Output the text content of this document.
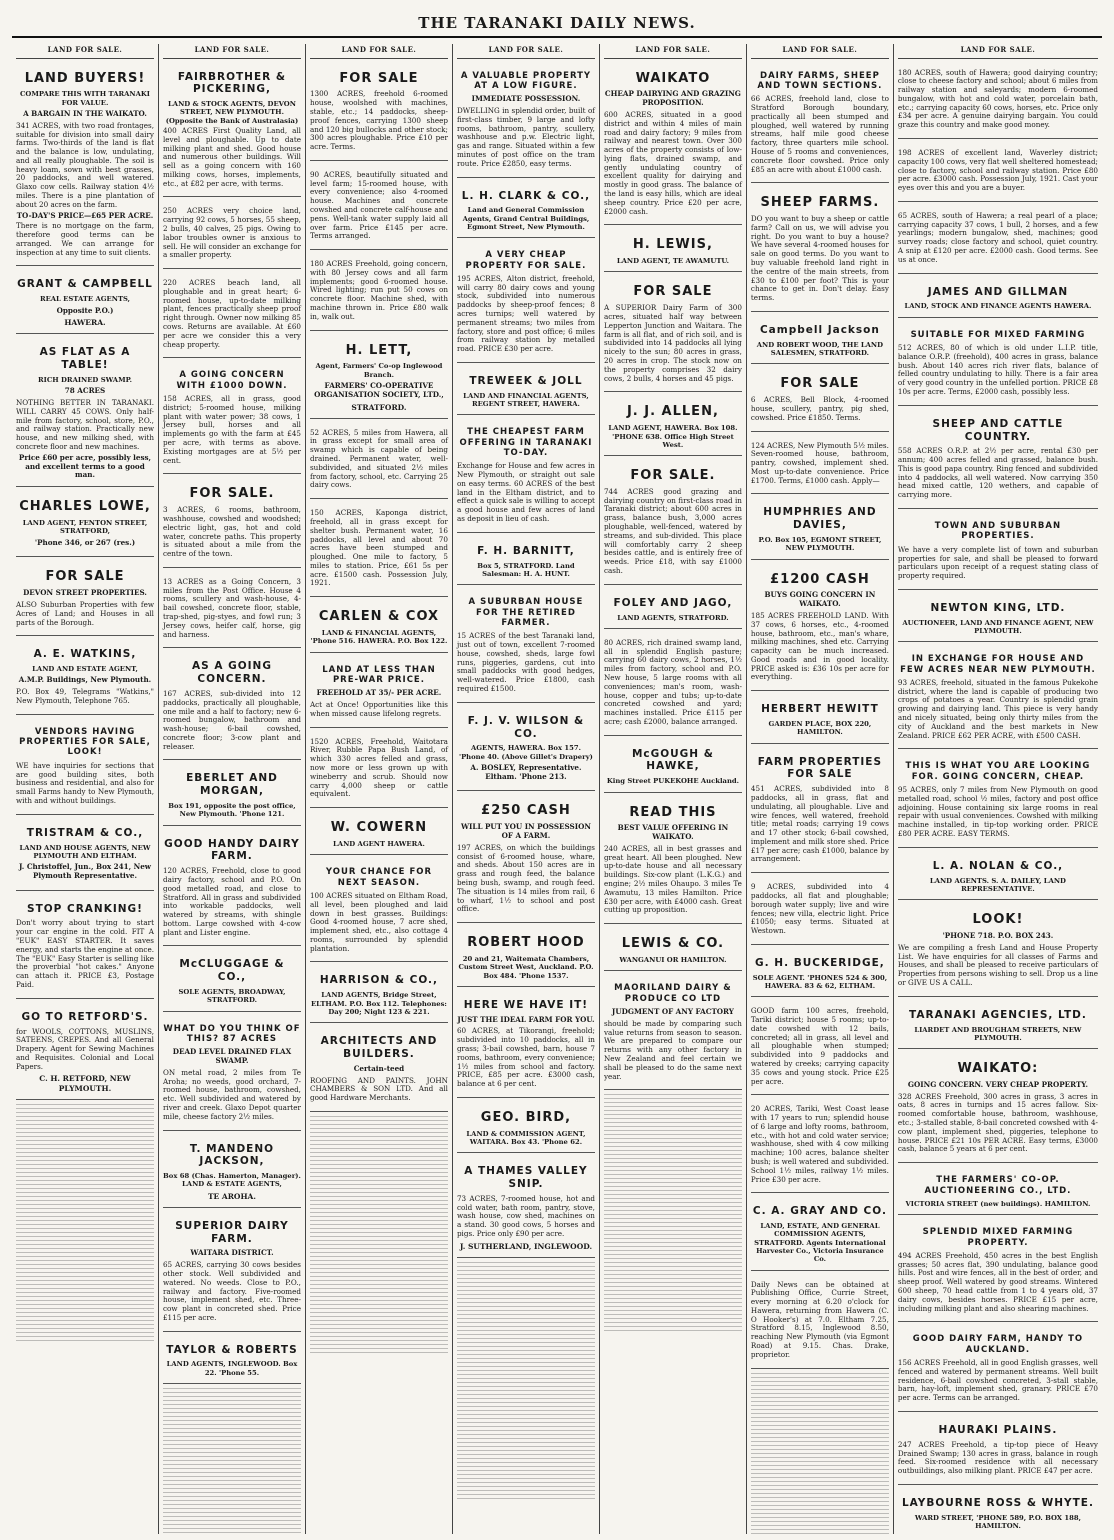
THE TARANAKI DAILY NEWS.
LAND FOR SALE.
LAND BUYERS!
COMPARE THIS WITH TARANAKI FOR VALUE.
A BARGAIN IN THE WAIKATO.

341 ACRES, with two road frontages, suitable for division into small dairy farms. Two-thirds of the land is flat and the balance is low, undulating, and all really ploughable. The soil is heavy loam, sown with best grasses, 20 paddocks, and well watered. Glaxo cow cells. Railway station 4½ miles. There is a pine plantation of about 20 acres on the farm.

TO-DAY'S PRICE—£65 PER ACRE.

There is no mortgage on the farm, therefore good terms can be arranged. We can arrange for inspection at any time to suit clients.

GRANT & CAMPBELL
REAL ESTATE AGENTS,
Opposite P.O.)
HAWERA.
AS FLAT AS A TABLE!
RICH DRAINED SWAMP.
78 ACRES

NOTHING BETTER IN TARANAKI. WILL CARRY 45 COWS. Only half-mile from factory, school, store, P.O., and railway station. Practically new house, and new milking shed, with concrete floor and new machines.

Price £60 per acre, possibly less, and excellent terms to a good man.
CHARLES LOWE,
LAND AGENT, FENTON STREET, STRATFORD,
'Phone 346, or 267 (res.)
FOR SALE
DEVON STREET PROPERTIES.

ALSO Suburban Properties with few Acres of Land; and Houses in all parts of the Borough.

A. E. WATKINS,
LAND AND ESTATE AGENT,
A.M.P. Buildings, New Plymouth.

P.O. Box 49, Telegrams "Watkins," New Plymouth, Telephone 765.

VENDORS HAVING PROPERTIES FOR SALE, LOOK!

WE have inquiries for sections that are good building sites, both business and residential, and also for small Farms handy to New Plymouth, with and without buildings.

TRISTRAM & CO.,
LAND AND HOUSE AGENTS, NEW PLYMOUTH AND ELTHAM.
J. Christoffel, Jun., Box 241, New Plymouth Representative.
STOP CRANKING!

Don't worry about trying to start your car engine in the cold. FIT A "EUK" EASY STARTER. It saves energy, and starts the engine at once. The "EUK" Easy Starter is selling like the proverbial "hot cakes." Anyone can attach it. PRICE £3, Postage Paid.

GO TO RETFORD'S.

for WOOLS, COTTONS, MUSLINS, SATEENS, CREPES. And all General Drapery. Agent for Sewing Machines and Requisites. Colonial and Local Papers.

C. H. RETFORD, NEW PLYMOUTH.
LAND FOR SALE.
FAIRBROTHER & PICKERING,
LAND & STOCK AGENTS, DEVON STREET, NEW PLYMOUTH. (Opposite the Bank of Australasia)

400 ACRES First Quality Land, all level and ploughable. Up to date milking plant and shed. Good house and numerous other buildings. Will sell as a going concern with 160 milking cows, horses, implements, etc., at £82 per acre, with terms.

250 ACRES very choice land, carrying 92 cows, 5 horses, 55 sheep, 2 bulls, 40 calves, 25 pigs. Owing to labor troubles owner is anxious to sell. He will consider an exchange for a smaller property.

220 ACRES beach land, all ploughable and in great heart; 6-roomed house, up-to-date milking plant, fences practically sheep proof right through. Owner now milking 85 cows. Returns are available. At £60 per acre we consider this a very cheap property.

A GOING CONCERN WITH £1000 DOWN.

158 ACRES, all in grass, good district; 5-roomed house, milking plant with water power; 38 cows, 1 Jersey bull, horses and all implements go with the farm at £45 per acre, with terms as above. Existing mortgages are at 5½ per cent.

FOR SALE.

3 ACRES, 6 rooms, bathroom, washhouse, cowshed and woodshed; electric light, gas, hot and cold water, concrete paths. This property is situated about a mile from the centre of the town.

13 ACRES as a Going Concern, 3 miles from the Post Office. House 4 rooms, scullery and wash-house, 4-bail cowshed, concrete floor, stable, trap-shed, pig-styes, and fowl run; 3 Jersey cows, heifer calf, horse, gig and harness.

AS A GOING CONCERN.

167 ACRES, sub-divided into 12 paddocks, practically all ploughable, one mile and a half to factory; new 6-roomed bungalow, bathroom and wash-house; 6-bail cowshed, concrete floor; 3-cow plant and releaser.

EBERLET AND MORGAN,
Box 191, opposite the post office, New Plymouth. 'Phone 121.
GOOD HANDY DAIRY FARM.

120 ACRES, Freehold, close to good dairy factory, school and P.O. On good metalled road, and close to Stratford. All in grass and subdivided into workable paddocks, well watered by streams, with shingle bottom. Large cowshed with 4-cow plant and Lister engine.

McCLUGGAGE & CO.,
SOLE AGENTS, BROADWAY, STRATFORD.
WHAT DO YOU THINK OF THIS? 87 ACRES
DEAD LEVEL DRAINED FLAX SWAMP.

ON metal road, 2 miles from Te Aroha; no weeds, good orchard, 7-roomed house, bathroom, cowshed, etc. Well subdivided and watered by river and creek. Glaxo Depot quarter mile, cheese factory 2½ miles.

T. MANDENO JACKSON,
Box 68 (Chas. Hamerton, Manager). LAND & ESTATE AGENTS,
TE AROHA.
SUPERIOR DAIRY FARM.
WAITARA DISTRICT.

65 ACRES, carrying 30 cows besides other stock. Well subdivided and watered. No weeds. Close to P.O., railway and factory. Five-roomed house, implement shed, etc. Three-cow plant in concreted shed. Price £115 per acre.

TAYLOR & ROBERTS
LAND AGENTS, INGLEWOOD. Box 22. 'Phone 55.
LAND FOR SALE.
FOR SALE

1300 ACRES, freehold 6-roomed house, woolshed with machines, stable, etc.; 14 paddocks, sheep-proof fences, carrying 1300 sheep and 120 big bullocks and other stock; 300 acres ploughable. Price £10 per acre. Terms.

90 ACRES, beautifully situated and level farm; 15-roomed house, with every convenience; also 4-roomed house. Machines and concrete cowshed and concrete calf-house and pens. Well-tank water supply laid all over farm. Price £145 per acre. Terms arranged.

180 ACRES Freehold, going concern, with 80 Jersey cows and all farm implements; good 6-roomed house. Wired lighting; run put 50 cows on concrete floor. Machine shed, with machine thrown in. Price £80 walk in, walk out.

H. LETT,
Agent, Farmers' Co-op Inglewood Branch.
FARMERS' CO-OPERATIVE ORGANISATION SOCIETY, LTD.,
STRATFORD.

52 ACRES, 5 miles from Hawera, all in grass except for small area of swamp which is capable of being drained. Permanent water, well-subdivided, and situated 2½ miles from factory, school, etc. Carrying 25 dairy cows.

150 ACRES, Kaponga district, freehold, all in grass except for shelter bush. Permanent water, 16 paddocks, all level and about 70 acres have been stumped and ploughed. One mile to factory, 5 miles to station. Price, £61 5s per acre. £1500 cash. Possession July, 1921.

CARLEN & COX
LAND & FINANCIAL AGENTS, 'Phone 516. HAWERA. P.O. Box 122.
LAND AT LESS THAN PRE-WAR PRICE.
FREEHOLD AT 35/- PER ACRE.

Act at Once! Opportunities like this when missed cause lifelong regrets.

1520 ACRES, Freehold, Waitotara River, Rubble Papa Bush Land, of which 330 acres felled and grass, now more or less grown up with wineberry and scrub. Should now carry 4,000 sheep or cattle equivalent.

W. COWERN
LAND AGENT HAWERA.
YOUR CHANCE FOR NEXT SEASON.

100 ACRES situated on Eltham Road, all level, been ploughed and laid down in best grasses. Buildings: Good 4-roomed house, 7 acre shed, implement shed, etc., also cottage 4 rooms, surrounded by splendid plantation.

HARRISON & CO.,
LAND AGENTS, Bridge Street, ELTHAM. P.O. Box 112. Telephones: Day 200; Night 123 & 221.
ARCHITECTS AND BUILDERS.
Certain-teed

ROOFING AND PAINTS. JOHN CHAMBERS & SON LTD. And all good Hardware Merchants.

LAND FOR SALE.
A VALUABLE PROPERTY AT A LOW FIGURE.
IMMEDIATE POSSESSION.

DWELLING in splendid order, built of first-class timber, 9 large and lofty rooms, bathroom, pantry, scullery, washhouse and p.w. Electric light, gas and range. Situated within a few minutes of post office on the tram route. Price £2850, easy terms.

L. H. CLARK & CO.,
Land and General Commission Agents, Grand Central Buildings, Egmont Street, New Plymouth.
A VERY CHEAP PROPERTY FOR SALE.

195 ACRES, Alton district, freehold, will carry 80 dairy cows and young stock, subdivided into numerous paddocks by sheep-proof fences; 8 acres turnips; well watered by permanent streams; two miles from factory, store and post office; 6 miles from railway station by metalled road. PRICE £30 per acre.

TREWEEK & JOLL
LAND AND FINANCIAL AGENTS, REGENT STREET, HAWERA.
THE CHEAPEST FARM OFFERING IN TARANAKI TO-DAY.

Exchange for House and few acres in New Plymouth, or straight out sale on easy terms. 60 ACRES of the best land in the Eltham district, and to effect a quick sale is willing to accept a good house and few acres of land as deposit in lieu of cash.

F. H. BARNITT,
Box 5, STRATFORD. Land Salesman: H. A. HUNT.
A SUBURBAN HOUSE FOR THE RETIRED FARMER.

15 ACRES of the best Taranaki land, just out of town, excellent 7-roomed house, cowshed, sheds, large fowl runs, piggeries, gardens, cut into small paddocks with good hedges, well-watered. Price £1800, cash required £1500.

F. J. V. WILSON & CO.
AGENTS, HAWERA. Box 157. 'Phone 40. (Above Gillet's Drapery)
A. BOSLEY, Representative. Eltham. 'Phone 213.
£250 CASH
WILL PUT YOU IN POSSESSION OF A FARM.

197 ACRES, on which the buildings consist of 6-roomed house, whare, and sheds. About 150 acres are in grass and rough feed, the balance being bush, swamp, and rough feed. The situation is 14 miles from rail, 6 to wharf, 1½ to school and post office.

ROBERT HOOD
20 and 21, Waitemata Chambers, Custom Street West, Auckland. P.O. Box 484. 'Phone 1537.
HERE WE HAVE IT!
JUST THE IDEAL FARM FOR YOU.

60 ACRES, at Tikorangi, freehold; subdivided into 10 paddocks, all in grass; 3-bail cowshed, barn, house 7 rooms, bathroom, every convenience; 1½ miles from school and factory. PRICE, £85 per acre. £3000 cash, balance at 6 per cent.

GEO. BIRD,
LAND & COMMISSION AGENT, WAITARA. Box 43. 'Phone 62.
A THAMES VALLEY SNIP.

73 ACRES, 7-roomed house, hot and cold water, bath room, pantry, stove, wash house, cow shed, machines on a stand. 30 good cows, 5 horses and pigs. Price only £90 per acre.

J. SUTHERLAND, INGLEWOOD.
LAND FOR SALE.
WAIKATO
CHEAP DAIRYING AND GRAZING PROPOSITION.

600 ACRES, situated in a good district and within 4 miles of main road and dairy factory; 9 miles from railway and nearest town. Over 300 acres of the property consists of low-lying flats, drained swamp, and gently undulating country of excellent quality for dairying and mostly in good grass. The balance of the land is easy hills, which are ideal sheep country. Price £20 per acre, £2000 cash.

H. LEWIS,
LAND AGENT, TE AWAMUTU.
FOR SALE

A SUPERIOR Dairy Farm of 300 acres, situated half way between Lepperton Junction and Waitara. The farm is all flat, and of rich soil, and is subdivided into 14 paddocks all lying nicely to the sun; 80 acres in grass, 20 acres in crop. The stock now on the property comprises 32 dairy cows, 2 bulls, 4 horses and 45 pigs.

J. J. ALLEN,
LAND AGENT, HAWERA. Box 108. 'PHONE 638. Office High Street West.
FOR SALE.

744 ACRES good grazing and dairying country on first-class road in Taranaki district; about 600 acres in grass, balance bush, 3,000 acres ploughable, well-fenced, watered by streams, and sub-divided. This place will comfortably carry 2 sheep besides cattle, and is entirely free of weeds. Price £18, with say £1000 cash.

FOLEY AND JAGO,
LAND AGENTS, STRATFORD.

80 ACRES, rich drained swamp land, all in splendid English pasture; carrying 60 dairy cows, 2 horses, 1½ miles from factory, school and P.O. New house, 5 large rooms with all conveniences; man's room, wash-house, copper and tubs; up-to-date concreted cowshed and yard; machines installed. Price £115 per acre; cash £2000, balance arranged.

McGOUGH & HAWKE,
King Street PUKEKOHE Auckland.
READ THIS
BEST VALUE OFFERING IN WAIKATO.

240 ACRES, all in best grasses and great heart. All been ploughed. New up-to-date house and all necessary buildings. Six-cow plant (L.K.G.) and engine; 2½ miles Ohaupo. 3 miles Te Awamutu, 13 miles Hamilton. Price £30 per acre, with £4000 cash. Great cutting up proposition.

LEWIS & CO.
WANGANUI OR HAMILTON.
MAORILAND DAIRY & PRODUCE CO LTD
JUDGMENT OF ANY FACTORY

should be made by comparing such value returns from season to season. We are prepared to compare our returns with any other factory in New Zealand and feel certain we shall be pleased to do the same next year.

LAND FOR SALE.
DAIRY FARMS, SHEEP AND TOWN SECTIONS.

66 ACRES, freehold land, close to Stratford Borough boundary, practically all been stumped and ploughed, well watered by running streams, half mile good cheese factory, three quarters mile school. House of 5 rooms and conveniences, concrete floor cowshed. Price only £85 an acre with about £1000 cash.

SHEEP FARMS.

DO you want to buy a sheep or cattle farm? Call on us, we will advise you right. Do you want to buy a house? We have several 4-roomed houses for sale on good terms. Do you want to buy valuable freehold land right in the centre of the main streets, from £30 to £100 per foot? This is your chance to get in. Don't delay. Easy terms.

Campbell Jackson
AND ROBERT WOOD, THE LAND SALESMEN, STRATFORD.
FOR SALE

6 ACRES, Bell Block, 4-roomed house, scullery, pantry, pig shed, cowshed. Price £1850. Terms.

124 ACRES, New Plymouth 5½ miles. Seven-roomed house, bathroom, pantry, cowshed, implement shed. Most up-to-date convenience. Price £1700. Terms, £1000 cash. Apply—

HUMPHRIES AND DAVIES,
P.O. Box 105, EGMONT STREET, NEW PLYMOUTH.
£1200 CASH
BUYS GOING CONCERN IN WAIKATO.

185 ACRES FREEHOLD LAND. With 37 cows, 6 horses, etc., 4-roomed house, bathroom, etc., man's whare, milking machines, shed etc. Carrying capacity can be much increased. Good roads and in good locality. PRICE asked is: £36 10s per acre for everything.

HERBERT HEWITT
GARDEN PLACE, BOX 220, HAMILTON.
FARM PROPERTIES FOR SALE

451 ACRES, subdivided into 8 paddocks, all in grass, flat and undulating, all ploughable. Live and wire fences, well watered, freehold title; metal roads; carrying 19 cows and 17 other stock; 6-bail cowshed, implement and milk store shed. Price £17 per acre; cash £1000, balance by arrangement.

9 ACRES, subdivided into 4 paddocks, all flat and ploughable; borough water supply; live and wire fences; new villa, electric light. Price £1050; easy terms. Situated at Westown.

G. H. BUCKERIDGE,
SOLE AGENT. 'PHONES 524 & 300, HAWERA. 83 & 62, ELTHAM.

GOOD farm 100 acres, freehold, Tariki district; house 5 rooms; up-to-date cowshed with 12 bails, concreted; all in grass, all level and all ploughable when stumped; subdivided into 9 paddocks and watered by creeks; carrying capacity 35 cows and young stock. Price £25 per acre.

20 ACRES, Tariki, West Coast lease with 17 years to run; splendid house of 6 large and lofty rooms, bathroom, etc., with hot and cold water service; washhouse, shed with 4 cow milking machine; 100 acres, balance shelter bush; is well watered and subdivided. School 1½ miles, railway 1½ miles. Price £30 per acre.

C. A. GRAY AND CO.
LAND, ESTATE, AND GENERAL COMMISSION AGENTS, STRATFORD. Agents International Harvester Co., Victoria Insurance Co.

Daily News can be obtained at Publishing Office, Currie Street, every morning at 6.20 o'clock for Hawera, returning from Hawera (C. O Hooker's) at 7.0. Eltham 7.25, Stratford 8.15, Inglewood 8.50, reaching New Plymouth (via Egmont Road) at 9.15. Chas. Drake, proprietor.

LAND FOR SALE.

180 ACRES, south of Hawera; good dairying country; close to cheese factory and school; about 6 miles from railway station and saleyards; modern 6-roomed bungalow, with hot and cold water, porcelain bath, etc.; carrying capacity 60 cows, horses, etc. Price only £34 per acre. A genuine dairying bargain. You could graze this country and make good money.

198 ACRES of excellent land, Waverley district; capacity 100 cows, very flat well sheltered homestead; close to factory, school and railway station. Price £80 per acre. £3000 cash. Possession July, 1921. Cast your eyes over this and you are a buyer.

65 ACRES, south of Hawera; a real pearl of a place; carrying capacity 37 cows, 1 bull, 2 horses, and a few yearlings; modern bungalow, shed, machines; good survey roads; close factory and school, quiet country. A snip at £120 per acre. £2000 cash. Good terms. See us at once.

JAMES AND GILLMAN
LAND, STOCK AND FINANCE AGENTS HAWERA.
SUITABLE FOR MIXED FARMING

512 ACRES, 80 of which is old under L.I.P. title, balance O.R.P. (freehold), 400 acres in grass, balance bush. About 140 acres rich river flats, balance of felled country undulating to hilly. There is a fair area of very good country in the unfelled portion. PRICE £8 10s per acre. Terms, £2000 cash, possibly less.

SHEEP AND CATTLE COUNTRY.

558 ACRES O.R.P. at 2½ per acre, rental £30 per annum; 400 acres felled and grassed, balance bush. This is good papa country. Ring fenced and subdivided into 4 paddocks, all well watered. Now carrying 350 head mixed cattle, 120 wethers, and capable of carrying more.

TOWN AND SUBURBAN PROPERTIES.

We have a very complete list of town and suburban properties for sale, and shall be pleased to forward particulars upon receipt of a request stating class of property required.

NEWTON KING, LTD.
AUCTIONEER, LAND AND FINANCE AGENT, NEW PLYMOUTH.
IN EXCHANGE FOR HOUSE AND FEW ACRES NEAR NEW PLYMOUTH.

93 ACRES, freehold, situated in the famous Pukekohe district, where the land is capable of producing two crops of potatoes a year. Country is splendid grain growing and dairying land. This piece is very handy and nicely situated, being only thirty miles from the city of Auckland and the best markets in New Zealand. PRICE £62 PER ACRE, with £500 CASH.

THIS IS WHAT YOU ARE LOOKING FOR. GOING CONCERN, CHEAP.

95 ACRES, only 7 miles from New Plymouth on good metalled road, school ½ miles, factory and post office adjoining. House containing six large rooms in real repair with usual conveniences. Cowshed with milking machine installed, in tip-top working order. PRICE £80 PER ACRE. EASY TERMS.

L. A. NOLAN & CO.,
LAND AGENTS. S. A. DAILEY, LAND REPRESENTATIVE.
LOOK!
'PHONE 718. P.O. BOX 243.

We are compiling a fresh Land and House Property List. We have enquiries for all classes of Farms and Houses, and shall be pleased to receive particulars of Properties from persons wishing to sell. Drop us a line or GIVE US A CALL.

TARANAKI AGENCIES, LTD.
LIARDET AND BROUGHAM STREETS, NEW PLYMOUTH.
WAIKATO:
GOING CONCERN. VERY CHEAP PROPERTY.

328 ACRES Freehold, 300 acres in grass, 3 acres in oats, 8 acres in turnips and 15 acres fallow. Six-roomed comfortable house, bathroom, washhouse, etc.; 3-stalled stable, 8-bail concreted cowshed with 4-cow plant, implement shed, piggeries, telephone to house. PRICE £21 10s PER ACRE. Easy terms, £3000 cash, balance 5 years at 6 per cent.

THE FARMERS' CO-OP. AUCTIONEERING CO., LTD.
VICTORIA STREET (new buildings). HAMILTON.
SPLENDID MIXED FARMING PROPERTY.

494 ACRES Freehold, 450 acres in the best English grasses; 50 acres flat, 390 undulating, balance good hills. Post and wire fences, all in the best of order, and sheep proof. Well watered by good streams. Wintered 600 sheep, 70 head cattle from 1 to 4 years old, 37 dairy cows, besides horses. PRICE £15 per acre, including milking plant and also shearing machines.

GOOD DAIRY FARM, HANDY TO AUCKLAND.

156 ACRES Freehold, all in good English grasses, well fenced and watered by permanent streams. Well built residence, 6-bail cowshed concreted, 3-stall stable, barn, hay-loft, implement shed, granary. PRICE £70 per acre. Terms can be arranged.

HAURAKI PLAINS.

247 ACRES Freehold, a tip-top piece of Heavy Drained Swamp; 130 acres in grass, balance in rough feed. Six-roomed residence with all necessary outbuildings, also milking plant. PRICE £47 per acre.

LAYBOURNE ROSS & WHYTE.
WARD STREET, 'PHONE 589, P.O. BOX 188, HAMILTON.
